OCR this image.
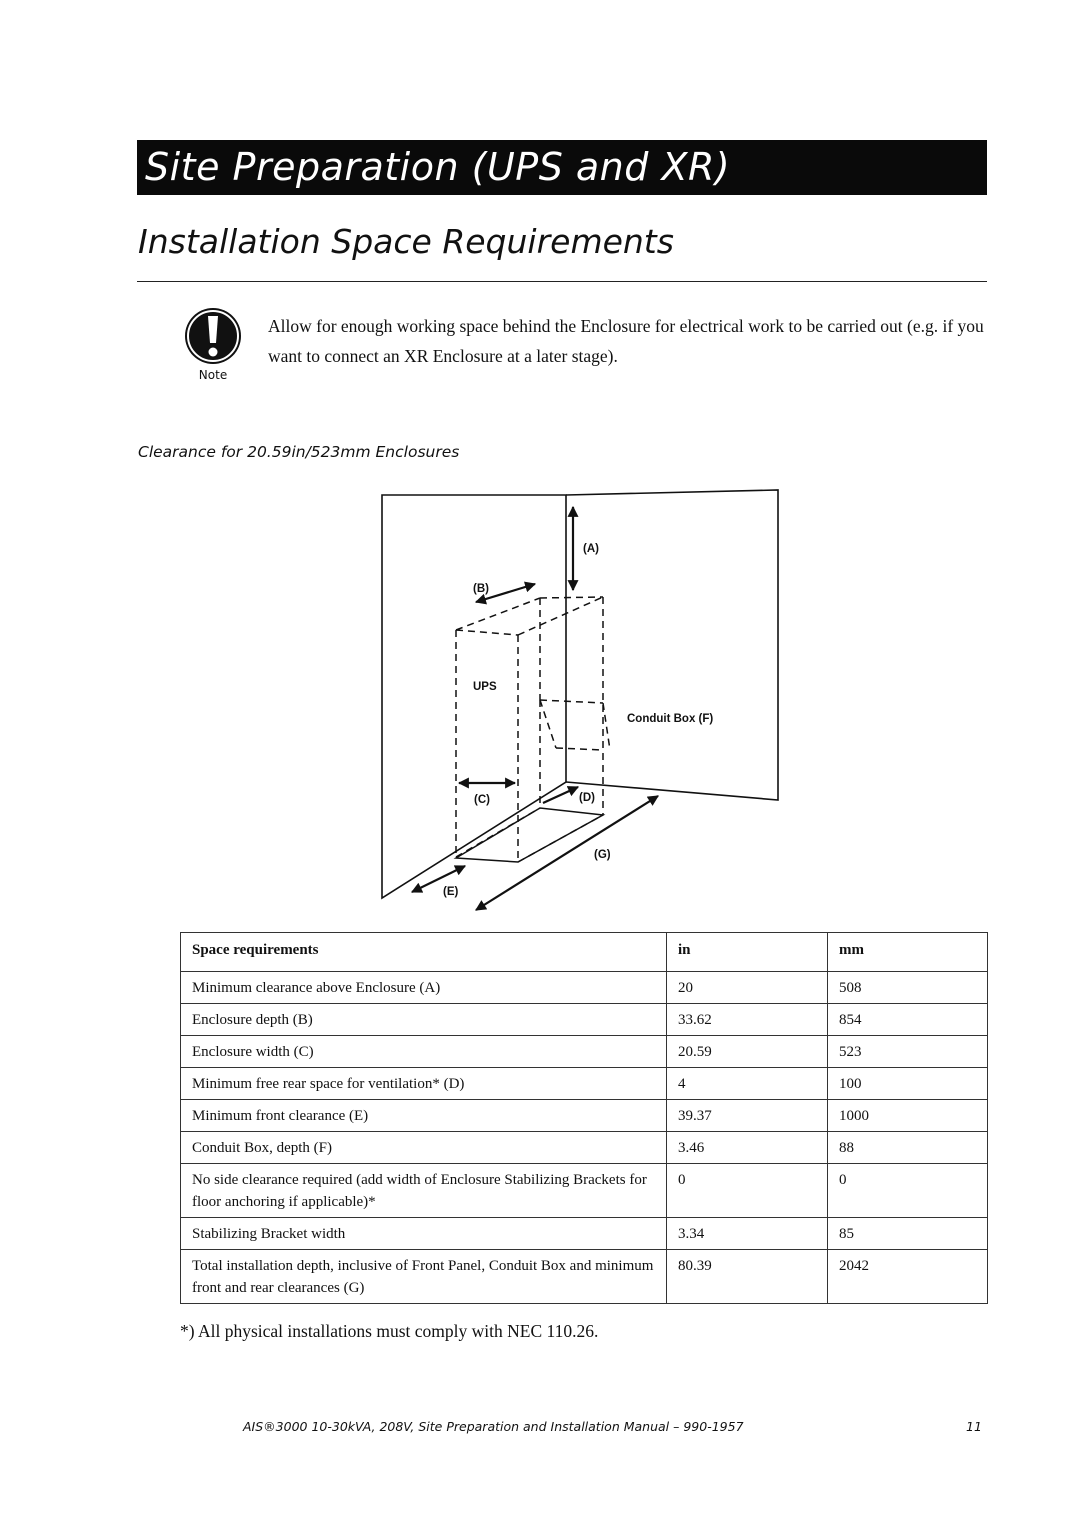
Site Preparation (UPS and XR)
Installation Space Requirements
Note
Allow for enough working space behind the Enclosure for electrical work to be carried out (e.g. if you want to connect an XR Enclosure at a later stage).
Clearance for 20.59in/523mm Enclosures
(A)
(B)
UPS
Conduit Box (F)
(C)	(D)
(G)
(E)
Space requirements	in	mm
Minimum clearance above Enclosure (A)	20	508
Enclosure depth (B)	33.62	854
Enclosure width (C)	20.59	523
Minimum free rear space for ventilation* (D)	4	100
Minimum front clearance (E)	39.37	1000
Conduit Box, depth (F)	3.46	88
No side clearance required (add width of Enclosure Stabilizing Brackets for floor anchoring if applicable)*	0	0
Stabilizing Bracket width	3.34	85
Total installation depth, inclusive of Front Panel, Conduit Box and minimum front and rear clearances (G)	80.39	2042
*) All physical installations must comply with NEC 110.26.
AIS®3000 10-30kVA, 208V, Site Preparation and Installation Manual – 990-1957	11
